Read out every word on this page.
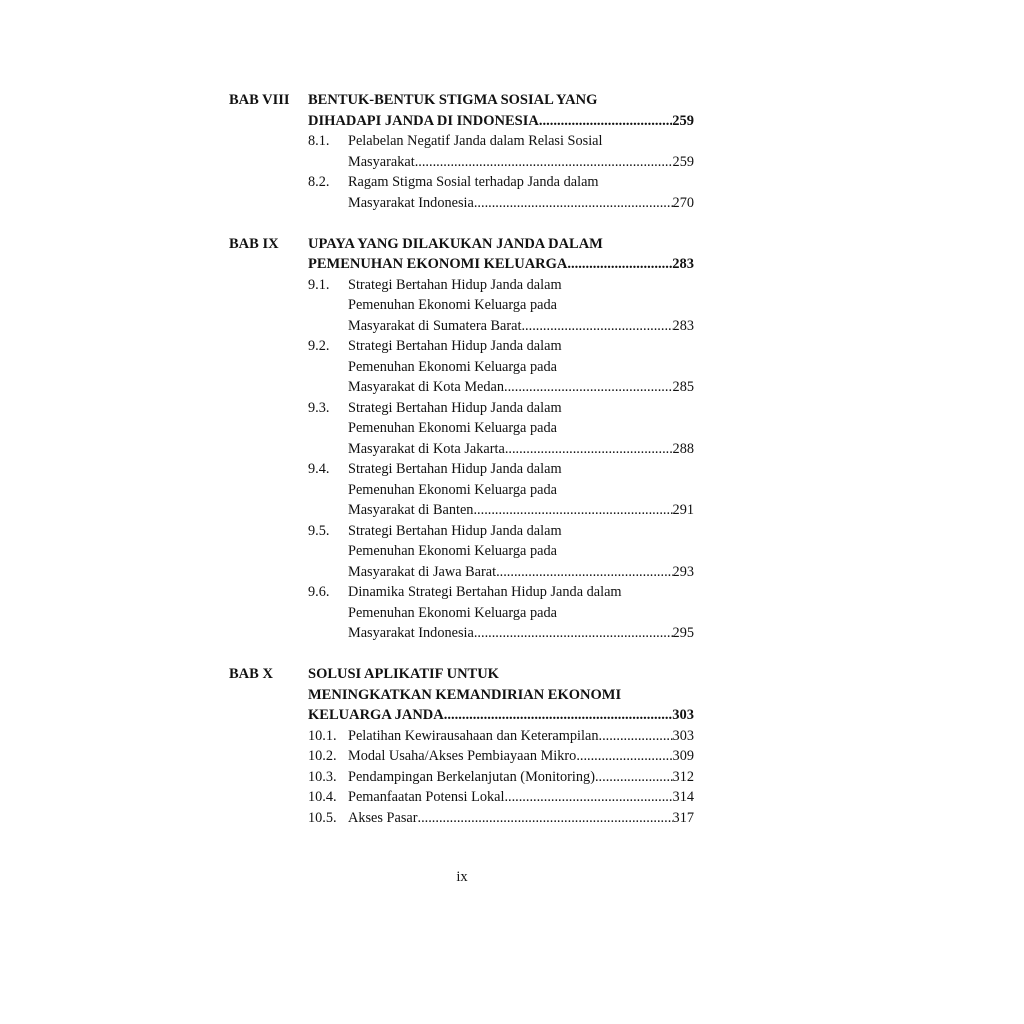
BAB VIII	BENTUK-BENTUK STIGMA SOSIAL YANG
DIHADAPI JANDA DI INDONESIA .....	259
8.1. Pelabelan Negatif Janda dalam Relasi Sosial
Masyarakat .....	259
8.2. Ragam Stigma Sosial terhadap Janda dalam
Masyarakat Indonesia .....	270
BAB IX	UPAYA YANG DILAKUKAN JANDA DALAM
PEMENUHAN EKONOMI KELUARGA .....	283
9.1. Strategi Bertahan Hidup Janda dalam
Pemenuhan Ekonomi Keluarga pada
Masyarakat di Sumatera Barat .....	283
9.2. Strategi Bertahan Hidup Janda dalam
Pemenuhan Ekonomi Keluarga pada
Masyarakat di Kota Medan .....	285
9.3. Strategi Bertahan Hidup Janda dalam
Pemenuhan Ekonomi Keluarga pada
Masyarakat di Kota Jakarta .....	288
9.4. Strategi Bertahan Hidup Janda dalam
Pemenuhan Ekonomi Keluarga pada
Masyarakat di Banten .....	291
9.5. Strategi Bertahan Hidup Janda dalam
Pemenuhan Ekonomi Keluarga pada
Masyarakat di Jawa Barat .....	293
9.6. Dinamika Strategi Bertahan Hidup Janda dalam
Pemenuhan Ekonomi Keluarga pada
Masyarakat Indonesia .....	295
BAB X	SOLUSI APLIKATIF UNTUK
MENINGKATKAN KEMANDIRIAN EKONOMI
KELUARGA JANDA .....	303
10.1. Pelatihan Kewirausahaan dan Keterampilan .....	303
10.2. Modal Usaha/Akses Pembiayaan Mikro .....	309
10.3. Pendampingan Berkelanjutan (Monitoring) .....	312
10.4. Pemanfaatan Potensi Lokal .....	314
10.5. Akses Pasar .....	317
ix
